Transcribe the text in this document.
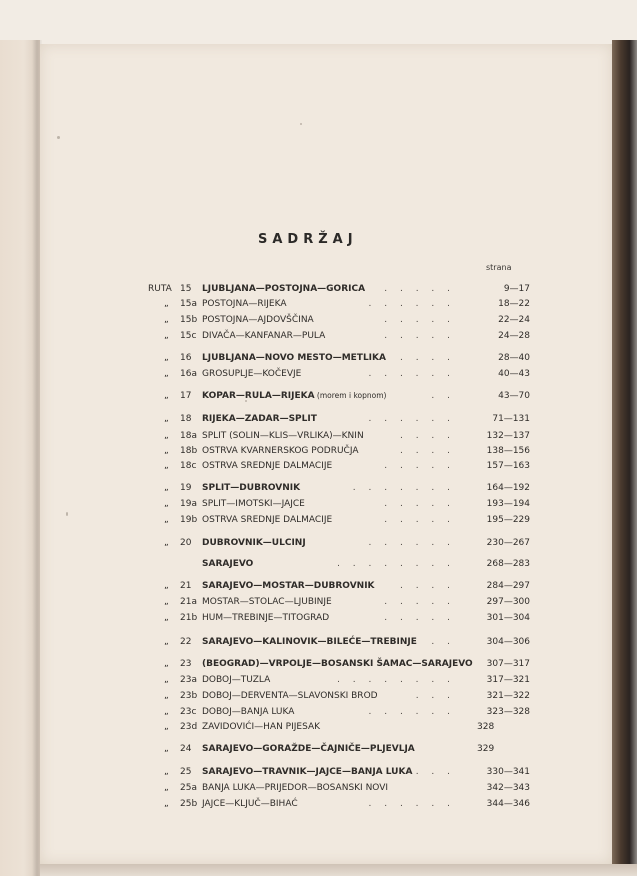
SADRŽAJ
strana
RUTA 15	LJUBLJANA—POSTOJNA—GORICA	. . . . .	9—17
„	15a POSTOJNA—RIJEKA	. . . . . .	18—22
„	15b POSTOJNA—AJDOVŠČINA	. . . . .	22—24
„	15c DIVAČA—KANFANAR—PULA	. . . . .	24—28
„	16	LJUBLJANA—NOVO MESTO—METLIKA	. . . .	28—40
„	16a GROSUPLJE—KOČEVJE	. . . . . .	40—43
„	17	KOPAR—RULA—RIJEKA (morem i kopnom)	. .	43—70
„	18	RIJEKA—ZADAR—SPLIT	. . . . . .	71—131
„	18a SPLIT (SOLIN—KLIS—VRLIKA)—KNIN	. . . .	132—137
„	18b OSTRVA KVARNERSKOG PODRUČJA	. . . .	138—156
„	18c OSTRVA SREDNJE DALMACIJE	. . . . .	157—163
„	19	SPLIT—DUBROVNIK	. . . . . . .	164—192
„	19a SPLIT—IMOTSKI—JAJCE	. . . . .	193—194
„	19b OSTRVA SREDNJE DALMACIJE	. . . . .	195—229
„	20	DUBROVNIK—ULCINJ	. . . . . .	230—267
SARAJEVO	. . . . . . . .	268—283
„	21	SARAJEVO—MOSTAR—DUBROVNIK	. . . .	284—297
„	21a MOSTAR—STOLAC—LJUBINJE	. . . . .	297—300
„	21b HUM—TREBINJE—TITOGRAD	. . . . .	301—304
„	22	SARAJEVO—KALINOVIK—BILEĆE—TREBINJE	. .	304—306
„	23	(BEOGRAD)—VRPOLJE—BOSANSKI ŠAMAC—SARAJEVO	307—317
„	23a DOBOJ—TUZLA	. . . . . . . .	317—321
„	23b DOBOJ—DERVENTA—SLAVONSKI BROD	. . .	321—322
„	23c DOBOJ—BANJA LUKA	. . . . . .	323—328
„	23d ZAVIDOVIĆI—HAN PIJESAK	328
„	24	SARAJEVO—GORAŽDE—ČAJNIČE—PLJEVLJA	329
„	25	SARAJEVO—TRAVNIK—JAJCE—BANJA LUKA . . .	330—341
„	25a BANJA LUKA—PRIJEDOR—BOSANSKI NOVI	342—343
„	25b JAJCE—KLJUČ—BIHAĆ	. . . . . .	344—346
